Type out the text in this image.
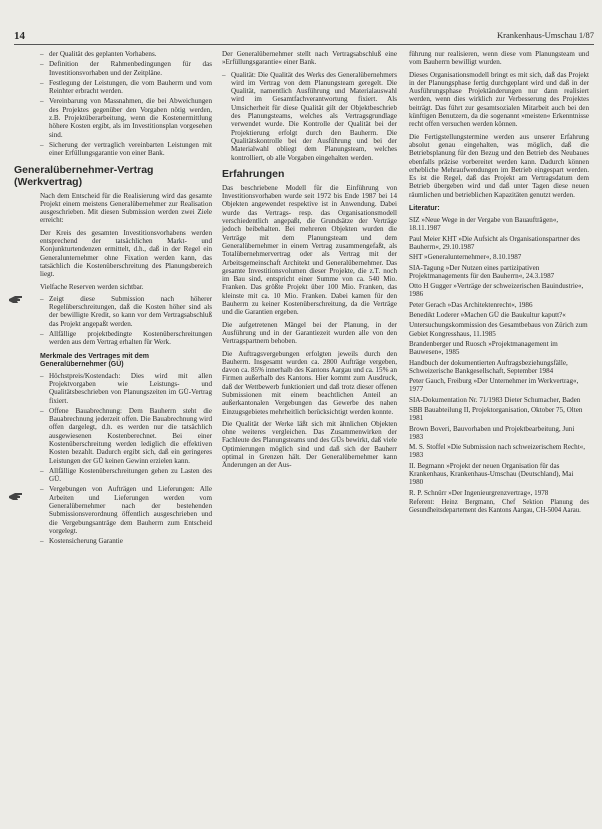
14	Krankenhaus-Umschau 1/87
– der Qualität des geplanten Vorhabens.
– Definition der Rahmenbedingungen für das Investitionsvorhaben und der Zeitpläne.
– Festlegung der Leistungen, die vom Bauherrn und vom Reinhter erbracht werden.
– Vereinbarung von Massnahmen, die bei Abweichungen des Projektes gegenüber den Vorgaben nötig werden, z.B. Projektüberarbeitung, wenn die Kostenermittlung höhere Kosten ergibt, als im Investitionsplan vorgesehen sind.
– Sicherung der vertraglich vereinbarten Leistungen mit einer Erfüllungsgarantie von einer Bank.
Generalübernehmer-Vertrag (Werkvertrag)

Nach dem Entscheid für die Realisierung wird das gesamte Projekt einem meistens Generalübernehmer zur Realisation ausgeschrieben. Mit diesen Submission werden zwei Ziele erreicht:

Der Kreis des gesamten Investitionsvorhabens werden entsprechend der tatsächlichen Markt- und Konjunkturtendenzen ermittelt, d.h., daß in der Regel ein Generalunternehmer ohne Fixation werden kann, das tatsächlich die Kostenüberschreitung des Planungsbereich liegt.

Vielfache Reserven werden sichtbar.

– Zeigt diese Submission nach höherer Regelüberschreitungen, daß die Kosten höher sind als der bewilligte Kredit, so kann vor dem Vertragsabschluß das Projekt angepaßt werden.
– Allfällige projektbedingte Kostenüberschreitungen werden aus dem Vertrag erhalten für Werk.
Merkmale des Vertrages mit dem Generalübernehmer (GÜ)
– Höchstpreis/Kostendach: Dies wird mit allen Projektvorgaben wie Leistungs- und Qualitätsbeschrieben von Planungszeiten im GÜ-Vertrag fixiert.
– Offene Bauabrechnung: Dem Bauherrn steht die Bauabrechnung jederzeit offen. Die Bauabrechnung wird offen dargelegt, d.h. es werden nur die tatsächlich ausgewiesenen Kostenberechnet. Bei einer Kostenüberschreitung werden lediglich die effektiven Kosten bezahlt. Dadurch ergibt sich, daß ein geringeres Leistungen der GÜ keinen Gewinn erzielen kann.
– Allfällige Kostenüberschreitungen gehen zu Lasten des GÜ.
– Vergebungen von Aufträgen und Lieferungen: Alle Arbeiten und Lieferungen werden vom Generalübernehmer nach der bestehenden Submissionsverordnung öffentlich ausgeschrieben und die Vergebungsanträge dem Bauherrn zum Entscheid vorgelegt.
– Kostensicherung Garantie

Der Generalübernehmer stellt nach Vertragsabschluß eine »Erfüllungsgarantie« einer Bank.

– Qualität: Die Qualität des Werks des Generalübernehmers wird im Vertrag von dem Planungsteam geregelt. Die Qualität, namentlich Ausführung und Materialauswahl wird im Gesamtfachverantwortung fixiert. Als Umsicherheit für diese Qualität gilt der Objektbeschrieb des Planungsteams, welches als Vertragsgrundlage verwendet wurde. Die Kontrolle der Qualität bei der Projektierung erfolgt durch den Bauherrn. Die Qualitätskontrolle bei der Ausführung und bei der Materialwahl obliegt dem Planungsteam, welches kontrolliert, ob alle Vorgaben eingehalten werden.
Erfahrungen

Das beschriebene Modell für die Einführung von Investitionsvorhaben wurde seit 1972 bis Ende 1987 bei 14 Objekten angewendet respektive ist in Anwendung. Dabei wurde das Vertrags- resp. das Organisationsmodell verschiedentlich angepaßt, die Grundsätze der Verträge jedoch beibehalten. Bei mehreren Objekten wurden die Verträge mit dem Planungsteam und dem Generalübernehmer in einem Vertrag zusammengefaßt, als Totalübernehmervertrag oder als Vertrag mit der Arbeitsgemeinschaft Architekt und Generalübernehmer. Das gesamte Investitionsvolumen dieser Projekte, die z.T. noch im Bau sind, entspricht einer Summe von ca. 540 Mio. Franken. Das größte Projekt über 100 Mio. Franken, das kleinste mit ca. 10 Mio. Franken. Dabei kamen für den Bauherrn zu keiner Kostenüberschreitung, da die Verträge und die Garantien ergeben.

Die aufgetretenen Mängel bei der Planung, in der Ausführung und in der Garantiezeit wurden alle von den Vertragspartnern behoben.

Die Auftragsvergebungen erfolgten jeweils durch den Bauherrn. Insgesamt wurden ca. 2800 Aufträge vergeben, davon ca. 85% innerhalb des Kantons Aargau und ca. 15% an Firmen außerhalb des Kantons. Hier kommt zum Ausdruck, daß der Wettbewerb funktioniert und daß trotz dieser offenen Submissionen mit einem beachtlichen Anteil an außerkantonalen Vergebungen das Gewerbe des nahen Einzugsgebietes mehrheitlich berücksichtigt werden konnte.

Die Qualität der Werke läßt sich mit ähnlichen Objekten ohne weiteres vergleichen. Das Zusammenwirken der Fachleute des Planungsteams und des GÜs bewirkt, daß viele Optimierungen möglich sind und daß sich der Bauherr optimal in Grenzen hält. Der Generalübernehmer kann Änderungen an der Aus-

führung nur realisieren, wenn diese vom Planungsteam und vom Bauherrn bewilligt wurden.

Dieses Organisationsmodell bringt es mit sich, daß das Projekt in der Planungsphase fertig durchgeplant wird und daß in der Ausführungsphase Projektänderungen nur dann realisiert werden, wenn dies wirklich zur Verbesserung des Projektes beiträgt. Das führt zur gesamtsozialen Mitarbeit auch bei den künftigen Benutzern, da die sogenannt »meisten« Erkenntnisse recht offen versuchen werden können.

Die Fertigstellungstermine werden aus unserer Erfahrung absolut genau eingehalten, was möglich, daß die Betriebsplanung für den Bezug und den Betrieb des Neubaues ebenfalls präzise vorbereitet werden kann. Dadurch können erhebliche Mehraufwendungen im Betrieb eingespart werden. Es ist die Regel, daß das Projekt am Vertragsdatum dem Betrieb übergeben wird und daß unter Tagen diese neuen räumlichen und betrieblichen Kapazitäten genutzt werden.

Literatur:

SIZ »Neue Wege in der Vergabe von Bauaufträgen«, 18.11.1987

Paul Meier KHT »Die Aufsicht als Organisationspartner des Bauherrn«, 29.10.1987

SHT »Generalunternehmer«, 8.10.1987

SIA-Tagung »Der Nutzen eines partizipativen Projektmanagements für den Bauherrn«, 24.3.1987

Otto H Gugger »Verträge der schweizerischen Bauindustrie«, 1986

Peter Gerach »Das Architektenrecht«, 1986

Benedikt Loderer »Machen GÜ die Baukultur kaputt?«

Untersuchungskommission des Gesamtbebaus von Zürich zum Gebiet Kongresshaus, 11.1985

Brandenberger und Ruosch »Projektmanagement im Bauwesen«, 1985

Handbuch der dokumentierten Auftragsbeziehungsfälle, Schweizerische Bankgesellschaft, September 1984

Peter Gauch, Freiburg »Der Unternehmer im Werkvertrag«, 1977

SIA-Dokumentation Nr. 71/1983 Dieter Schumacher, Baden

SBB Bauabteilung II, Projektorganisation, Oktober 75, Olten 1981

Brown Boveri, Bauvorhaben und Projektbearbeitung, Juni 1983

M. S. Stoffel »Die Submission nach schweizerischem Recht«, 1983

II. Begmann »Projekt der neuen Organisation für das Krankenhaus, Krankenhaus-Umschau (Deutschland), Mai 1980

R. P. Schnürr »Der Ingenieurgrenzvertrag«, 1978

Referent: Heinz Bergmann, Chef Sektion Planung des Gesundheitsdepartement des Kantons Aargau, CH-5004 Aarau.
